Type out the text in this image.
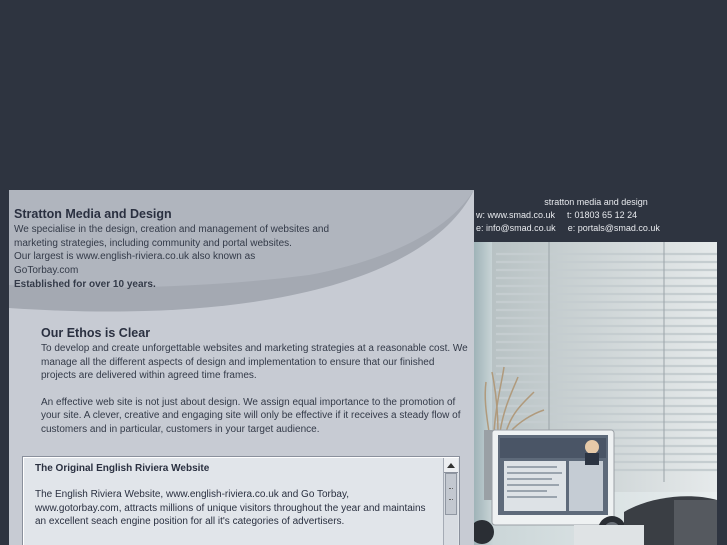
Stratton Media and Design

We specialise in the design, creation and management of websites and

marketing strategies, including community and portal websites.

Our largest is www.english-riviera.co.uk also known as

GoTorbay.com

Established for over 10 years.

Our Ethos is Clear

To develop and create unforgettable websites and marketing strategies at a reasonable cost. We manage all the different aspects of design and implementation to ensure that our finished projects are delivered within agreed time frames.

An effective web site is not just about design. We assign equal importance to the promotion of your site. A clever, creative and engaging site will only be effective if it receives a steady flow of customers and in particular, customers in your target audience.

The Original English Riviera Website

The English Riviera Website, www.english-riviera.co.uk and Go Torbay, www.gotorbay.com, attracts millions of unique visitors throughout the year and maintains an excellent seach engine position for all it's categories of advertisers.

stratton media and design
w: www.smad.co.uk t: 01803 65 12 24
e: info@smad.co.uk e: portals@smad.co.uk
